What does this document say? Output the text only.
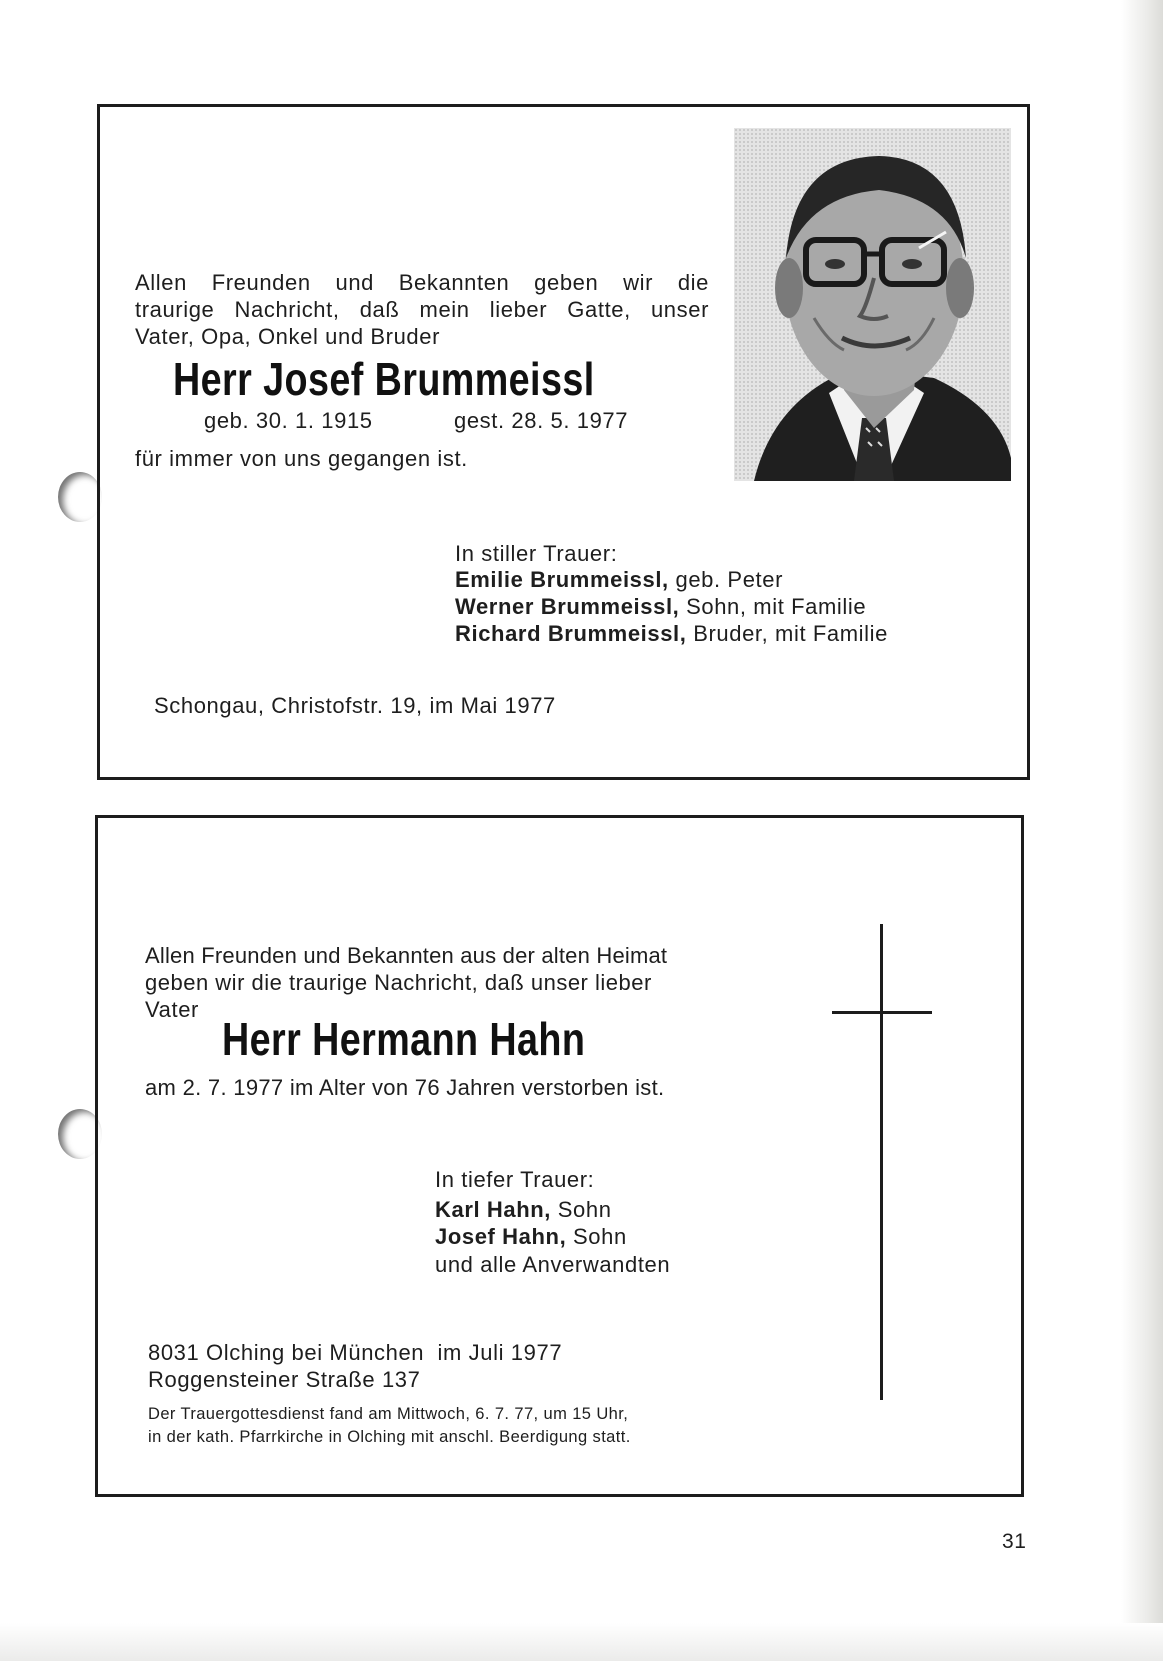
Allen Freunden und Bekannten geben wir die
traurige Nachricht, daß mein lieber Gatte, unser
Vater, Opa, Onkel und Bruder
Herr Josef Brummeissl
geb. 30. 1. 1915	gest. 28. 5. 1977
für immer von uns gegangen ist.
In stiller Trauer:
Emilie Brummeissl, geb. Peter
Werner Brummeissl, Sohn, mit Familie
Richard Brummeissl, Bruder, mit Familie
Schongau, Christofstr. 19, im Mai 1977
Allen Freunden und Bekannten aus der alten Heimat
geben wir die traurige Nachricht, daß unser lieber
Vater
Herr Hermann Hahn
am 2. 7. 1977 im Alter von 76 Jahren verstorben ist.
In tiefer Trauer:
Karl Hahn, Sohn
Josef Hahn, Sohn
und alle Anverwandten
8031 Olching bei München  im Juli 1977
Roggensteiner Straße 137
Der Trauergottesdienst fand am Mittwoch, 6. 7. 77, um 15 Uhr,
in der kath. Pfarrkirche in Olching mit anschl. Beerdigung statt.
31
